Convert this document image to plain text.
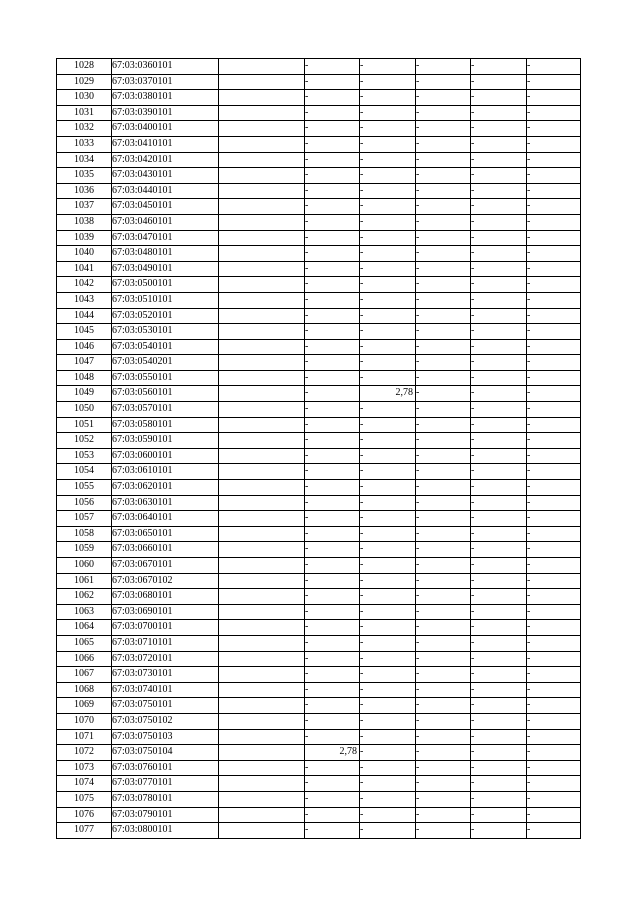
1028	67:03:0360101		-	-	-	-	-
1029	67:03:0370101		-	-	-	-	-
1030	67:03:0380101		-	-	-	-	-
1031	67:03:0390101		-	-	-	-	-
1032	67:03:0400101		-	-	-	-	-
1033	67:03:0410101		-	-	-	-	-
1034	67:03:0420101		-	-	-	-	-
1035	67:03:0430101		-	-	-	-	-
1036	67:03:0440101		-	-	-	-	-
1037	67:03:0450101		-	-	-	-	-
1038	67:03:0460101		-	-	-	-	-
1039	67:03:0470101		-	-	-	-	-
1040	67:03:0480101		-	-	-	-	-
1041	67:03:0490101		-	-	-	-	-
1042	67:03:0500101		-	-	-	-	-
1043	67:03:0510101		-	-	-	-	-
1044	67:03:0520101		-	-	-	-	-
1045	67:03:0530101		-	-	-	-	-
1046	67:03:0540101		-	-	-	-	-
1047	67:03:0540201		-	-	-	-	-
1048	67:03:0550101		-	-	-	-	-
1049	67:03:0560101		-	2,78	-	-	-
1050	67:03:0570101		-	-	-	-	-
1051	67:03:0580101		-	-	-	-	-
1052	67:03:0590101		-	-	-	-	-
1053	67:03:0600101		-	-	-	-	-
1054	67:03:0610101		-	-	-	-	-
1055	67:03:0620101		-	-	-	-	-
1056	67:03:0630101		-	-	-	-	-
1057	67:03:0640101		-	-	-	-	-
1058	67:03:0650101		-	-	-	-	-
1059	67:03:0660101		-	-	-	-	-
1060	67:03:0670101		-	-	-	-	-
1061	67:03:0670102		-	-	-	-	-
1062	67:03:0680101		-	-	-	-	-
1063	67:03:0690101		-	-	-	-	-
1064	67:03:0700101		-	-	-	-	-
1065	67:03:0710101		-	-	-	-	-
1066	67:03:0720101		-	-	-	-	-
1067	67:03:0730101		-	-	-	-	-
1068	67:03:0740101		-	-	-	-	-
1069	67:03:0750101		-	-	-	-	-
1070	67:03:0750102		-	-	-	-	-
1071	67:03:0750103		-	-	-	-	-
1072	67:03:0750104		2,78	-	-	-	-
1073	67:03:0760101		-	-	-	-	-
1074	67:03:0770101		-	-	-	-	-
1075	67:03:0780101		-	-	-	-	-
1076	67:03:0790101		-	-	-	-	-
1077	67:03:0800101		-	-	-	-	-
